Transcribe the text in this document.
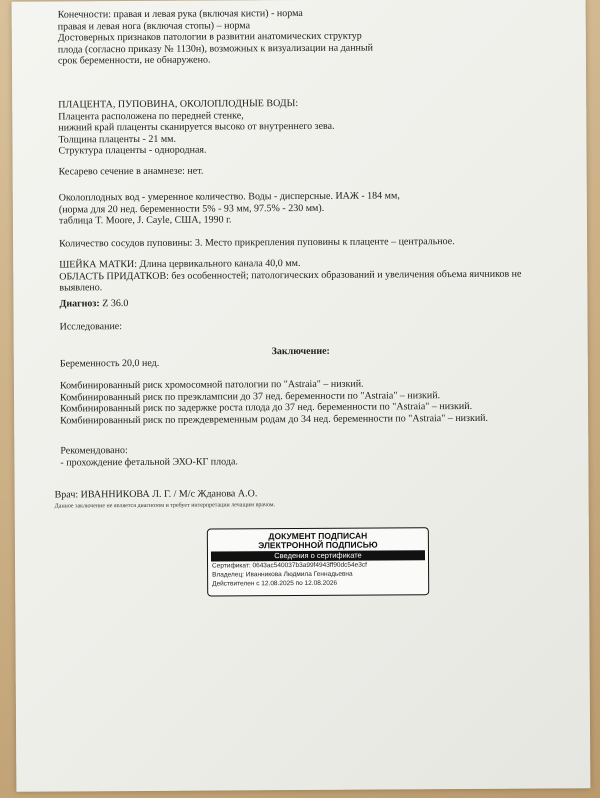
Конечности: правая и левая рука (включая кисти) - норма
правая и левая нога (включая стопы) – норма
Достоверных признаков патологии в развитии анатомических структур
плода (согласно приказу № 1130н), возможных к визуализации на данный
срок беременности, не обнаружено.
ПЛАЦЕНТА, ПУПОВИНА, ОКОЛОПЛОДНЫЕ ВОДЫ:
Плацента расположена по передней стенке,
нижний край плаценты сканируется высоко от внутреннего зева.
Толщина плаценты - 21 мм.
Структура плаценты - однородная.
Кесарево сечение в анамнезе: нет.
Околоплодных вод - умеренное количество. Воды - дисперсные. ИАЖ - 184 мм,
(норма для 20 нед. беременности 5% - 93 мм, 97.5% - 230 мм).
таблица T. Moore, J. Cayle, США, 1990 г.
Количество сосудов пуповины: 3. Место прикрепления пуповины к плаценте – центральное.
ШЕЙКА МАТКИ: Длина цервикального канала 40,0 мм.
ОБЛАСТЬ ПРИДАТКОВ: без особенностей; патологических образований и увеличения объема яичников не
выявлено.
Диагноз: Z 36.0
Исследование:
Заключение:
Беременность 20,0 нед.
Комбинированный риск хромосомной патологии по "Astraia" – низкий.
Комбинированный риск по преэклампсии до 37 нед. беременности по "Astraia" – низкий.
Комбинированный риск по задержке роста плода до 37 нед. беременности по "Astraia" – низкий.
Комбинированный риск по преждевременным родам до 34 нед. беременности по "Astraia" – низкий.
Рекомендовано:
- прохождение фетальной ЭХО-КГ плода.
Врач: ИВАННИКОВА Л. Г. / М/с Жданова А.О.
Данное заключение не является диагнозом и требует интерпретации лечащим врачом.
ДОКУМЕНТ ПОДПИСАН
ЭЛЕКТРОННОЙ ПОДПИСЬЮ
Сведения о сертификате
Сертификат: 0643ac540037b3a99f4943ff90dc54e3cf
Владелец: Иванникова Людмила Геннадьевна
Действителен с 12.08.2025 по 12.08.2026
